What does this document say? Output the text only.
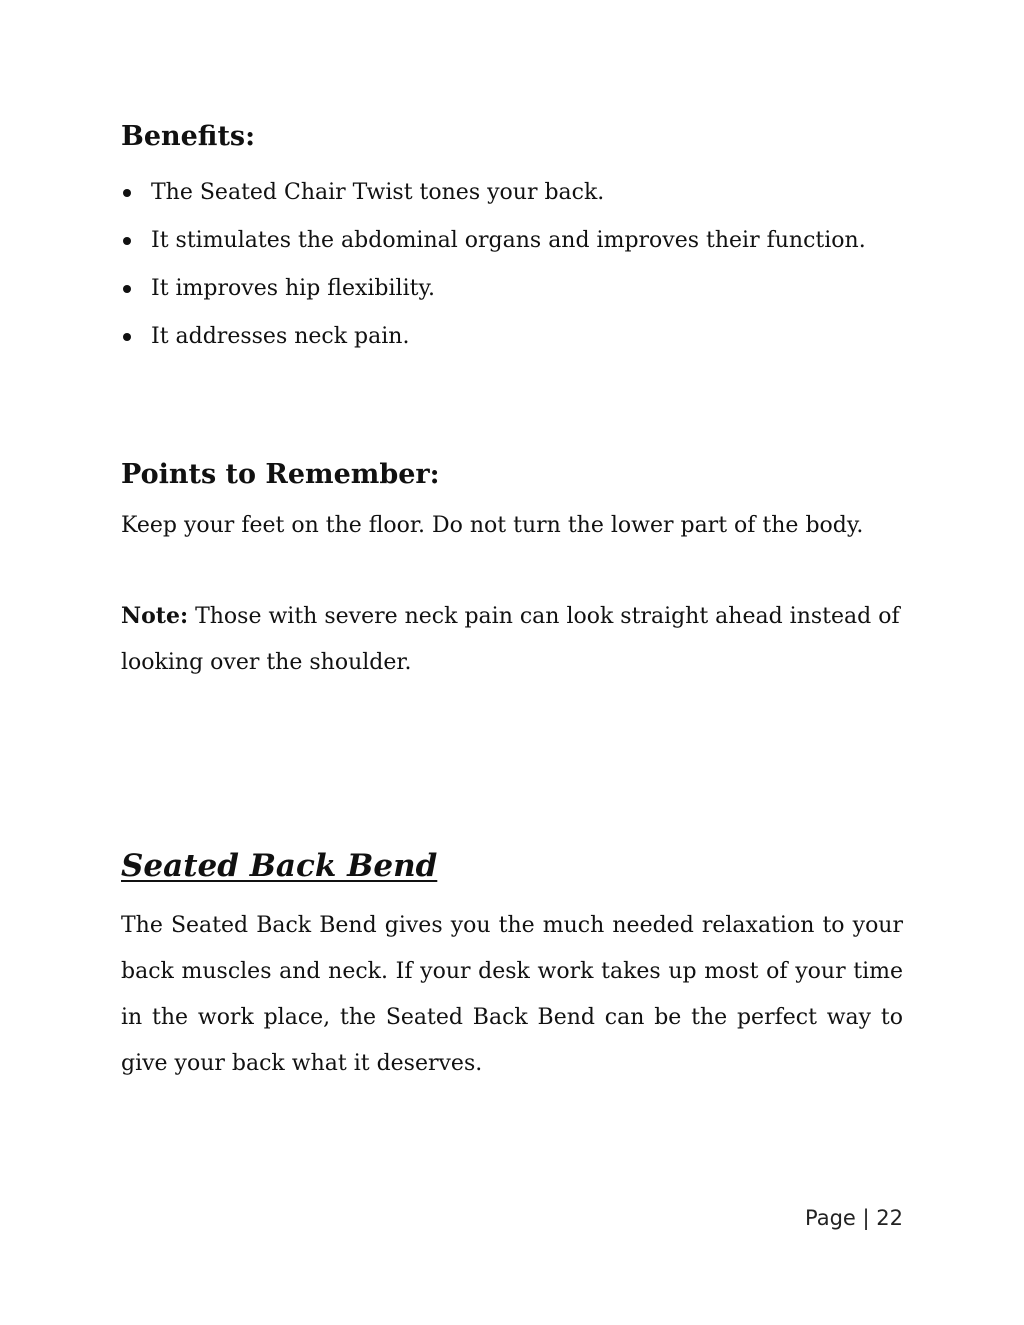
Benefits:
The Seated Chair Twist tones your back.
It stimulates the abdominal organs and improves their function.
It improves hip flexibility.
It addresses neck pain.
Points to Remember:

Keep your feet on the floor. Do not turn the lower part of the body.

Note: Those with severe neck pain can look straight ahead instead of looking over the shoulder.

Seated Back Bend

The Seated Back Bend gives you the much needed relaxation to your back muscles and neck. If your desk work takes up most of your time in the work place, the Seated Back Bend can be the perfect way to give your back what it deserves.

Page | 22
